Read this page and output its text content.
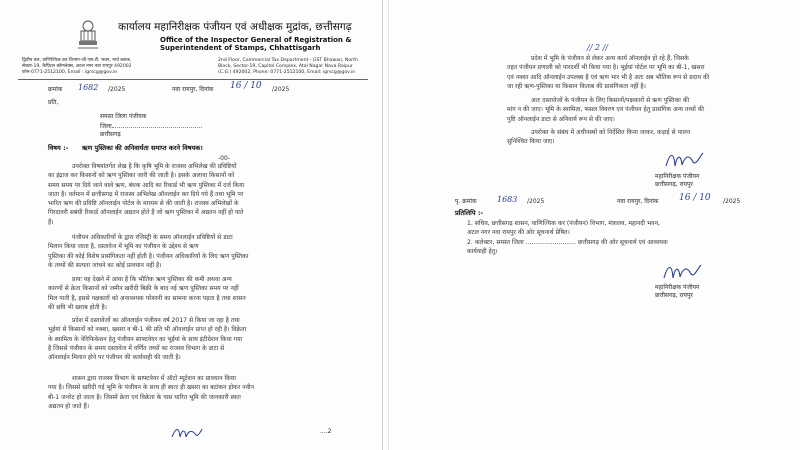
कार्यालय महानिरीक्षक पंजीयन एवं अधीक्षक मुद्रांक, छत्तीसगढ़
Office of the Inspector General of Registration &
Superintendent of Stamps, Chhattisgarh
द्वितीय तल, वाणिज्यिक कर विभाग-जी.एस.टी. भवन, नार्थ ब्लाक,
सेक्टर-19, कैपिटल कॉम्प्लेक्स, अटल नगर नवा रायपुर 492002
फ़ोन-0771-2512100, Email : igrscg@gov.in
2nd Floor, Commercial Tax Department - GST Bhawan, North
Block, Sector-19, Capitol Complex, Atal Nagar Nava Raipur
(C.G.) 492002, Phone: 0771-2512100, Email: igrscg@gov.in
क्रमांक 1682 /2025	नवा रायपुर, दिनांक 16 / 10 /2025
प्रति,
समस्त जिला पंजीयक
जिला
छत्तीसगढ़
विषय :- ऋण पुस्तिका की अनिवार्यता समाप्त करने विषयक।
-00-
उपरोक्त विषयांतर्गत लेख है कि कृषि भूमि के राजस्व अभिलेख की प्रविष्टियों
का इंद्राज कर किसानों को ऋण पुस्तिका जारी की जाती है। इसके अलावा किसानों को
समय समय पर दिये जाने वाले ऋण, बंधक आदि का रिकार्ड भी ऋण पुस्तिका में दर्ज किया
जाता है। वर्तमान में छत्तीसगढ़ में राजस्व अभिलेख ऑनलाईन कर दिये गये हैं तथा भूमि पर
भारित ऋण की प्रविष्टि ऑनलाईन पोर्टल के माध्यम से की जाती है। राजस्व अभिलेखों के
गिरदावरी सबंधी रिकार्ड ऑनलाईन अद्यतन होते हैं जो ऋण पुस्तिका में अद्यतन नहीं हो पाते
हैं।
पंजीयन अधिकारियों के द्वारा रजिस्ट्री के समय ऑनलाईन प्रविष्टियों से डाटा
मिलान किया जाता है, दस्तावेज में भूमि का पंजीयन के उद्देश्य से ऋण
पुस्तिका की कोई विशेष प्रासंगिकता नहीं होती है। पंजीयन अधिकारियों के लिए ऋण पुस्तिका
के तथ्यों की सत्यता जांचने का कोई प्रावधान नहीं है।
प्रायः यह देखने में आया है कि भौतिक ऋण पुस्तिका की कमी अथवा अन्य
कारणों से क्रेता किसानों को जमीन खरीदी बिक्री के बाद नई ऋण पुस्तिका समय पर नहीं
मिल पाती है, इससे पक्षकारों को अनावश्यक परेशानी का सामना करना पड़ता है तथा शासन
की छवि भी खराब होती है।
प्रदेश में दस्तावेजों का ऑनलाईन पंजीयन वर्ष 2017 से किया जा रहा है तथा
भुईयां से किसानों को नक्शा, खसरा व बी-1 की प्रति भी ऑनलाईन प्राप्त हो रही है। विक्रेता
के स्वामित्व के वेरिफिकेशन हेतु पंजीयन साफ्टवेयर का भुईयां के साथ इंटीग्रेशन किया गया
है जिससे पंजीयन के समय दस्तावेज में वर्णित तथ्यों का राजस्व विभाग के डाटा से
ऑनलाईन मिलान होने पर पंजीयन की कार्यवाही की जाती है।
शासन द्वारा राजस्व विभाग के साफ्टवेयर में ऑटो म्यूटेशन का प्रावधान किया
गया है। जिससे खरीदी गई भूमि के पंजीयन के साथ ही स्वतः ही खसरा का बटांकन होकर नवीन
बी-1 जनरेट हो जाता है। जिसमें क्रेता एवं विक्रेता के पास धारित भूमि की जानकारी स्वतः
अद्यतन हो जाते हैं।
....2
// 2 //
प्रदेश में भूमि के पंजीयन से लेकर अन्य कार्य ऑनलाईन हो रहे हैं, जिसके
तहत पंजीयन प्रणाली को पारदर्शी भी किया गया है। भुईयां पोर्टल पर भूमि का बी-1, खसरा
एवं नक्शा आदि ऑनलाईन उपलब्ध है एवं ऋण भार भी है अतः अब भौतिक रूप से प्रदाय की
जा रही ऋण-पुस्तिका या किसान किताब की प्रासंगिकता नहीं है।
अतः दस्तावेजों के पंजीयन के लिए किसानों/पक्षकारों से ऋण पुस्तिका की
मांग न की जाए। भूमि के स्वामित्व, फसल विवरण एवं पंजीयन हेतु प्रासंगिक अन्य तथ्यों की
पुष्टि ऑनलाईन डाटा से अनिवार्य रूप से की जाए।
उपरोक्त के संबंध में अधीनस्थों को निर्देशित किया जाकर, कड़ाई से पालन
सुनिश्चित किया जाए।
महानिरीक्षक पंजीयन
छत्तीसगढ़, रायपुर
पृ. क्रमांक	1683 /2025	नवा रायपुर, दिनांक 16 / 10 /2025
प्रतिलिपि :-
1. सचिव, छत्तीसगढ़ शासन, वाणिज्यिक कर (पंजीयन) विभाग, मंत्रालय, महानदी भवन,
अटल नगर नवा रायपुर की ओर सूचनार्थ प्रेषित।
2. कलेक्टर, समस्त जिला .......................... छत्तीसगढ़ की ओर सूचनार्थ एवं आवश्यक
कार्यवाही हेतु।
महानिरीक्षक पंजीयन
छत्तीसगढ़, रायपुर
